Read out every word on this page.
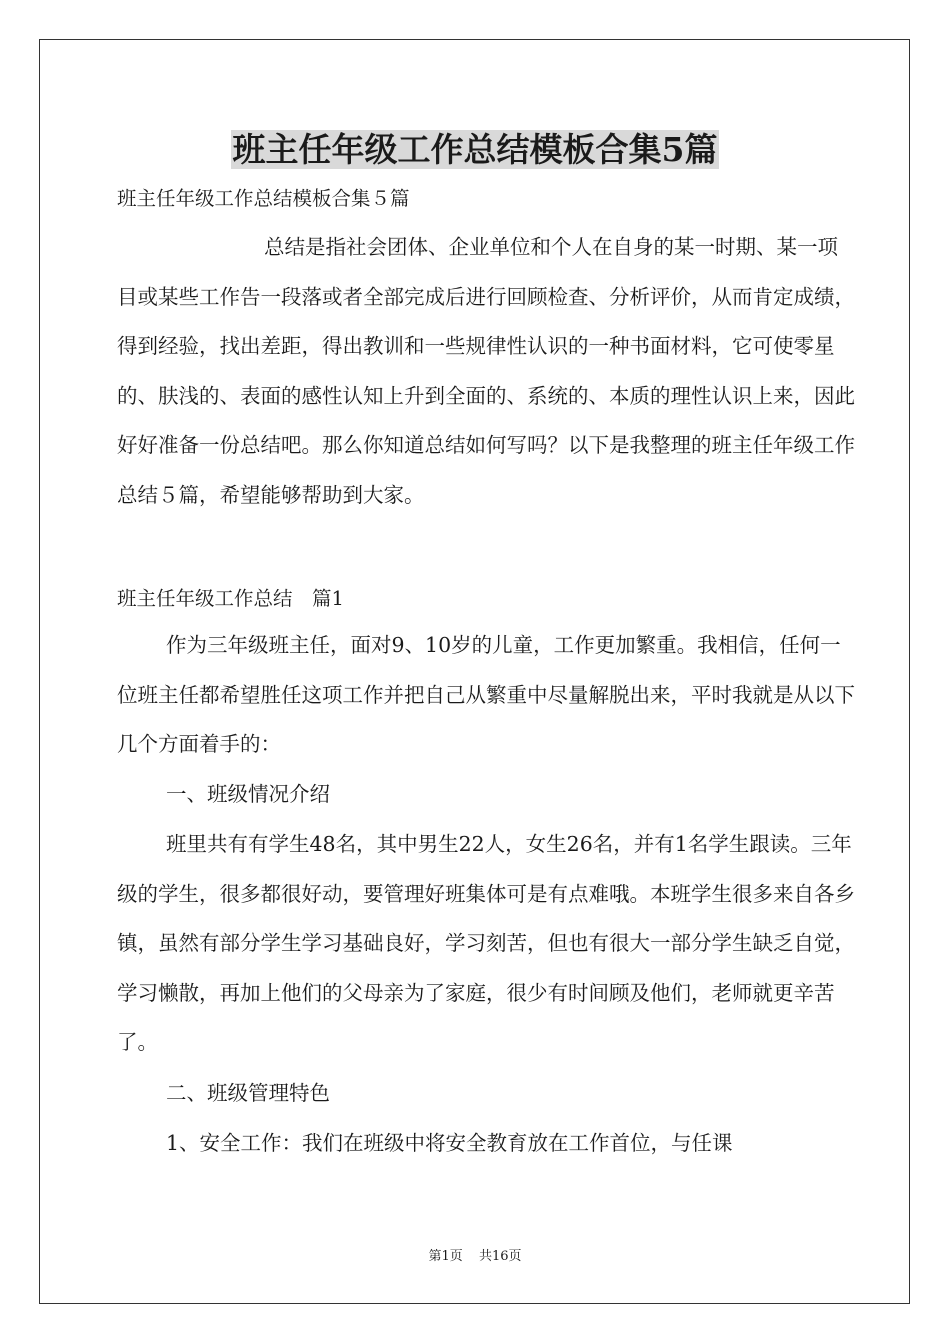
班主任年级工作总结模板合集5篇
班主任年级工作总结模板合集５篇

总结是指社会团体、企业单位和个人在自身的某一时期、某一项目或某些工作告一段落或者全部完成后进行回顾检查、分析评价，从而肯定成绩，得到经验，找出差距，得出教训和一些规律性认识的一种书面材料，它可使零星的、肤浅的、表面的感性认知上升到全面的、系统的、本质的理性认识上来，因此好好准备一份总结吧。那么你知道总结如何写吗？以下是我整理的班主任年级工作总结５篇，希望能够帮助到大家。

班主任年级工作总结　篇1

作为三年级班主任，面对9、10岁的儿童，工作更加繁重。我相信，任何一位班主任都希望胜任这项工作并把自己从繁重中尽量解脱出来，平时我就是从以下几个方面着手的：

一、班级情况介绍

班里共有有学生48名，其中男生22人，女生26名，并有1名学生跟读。三年级的学生，很多都很好动，要管理好班集体可是有点难哦。本班学生很多来自各乡镇，虽然有部分学生学习基础良好，学习刻苦，但也有很大一部分学生缺乏自觉，学习懒散，再加上他们的父母亲为了家庭，很少有时间顾及他们，老师就更辛苦了。

二、班级管理特色

1、安全工作：我们在班级中将安全教育放在工作首位，与任课

第1页 共16页
